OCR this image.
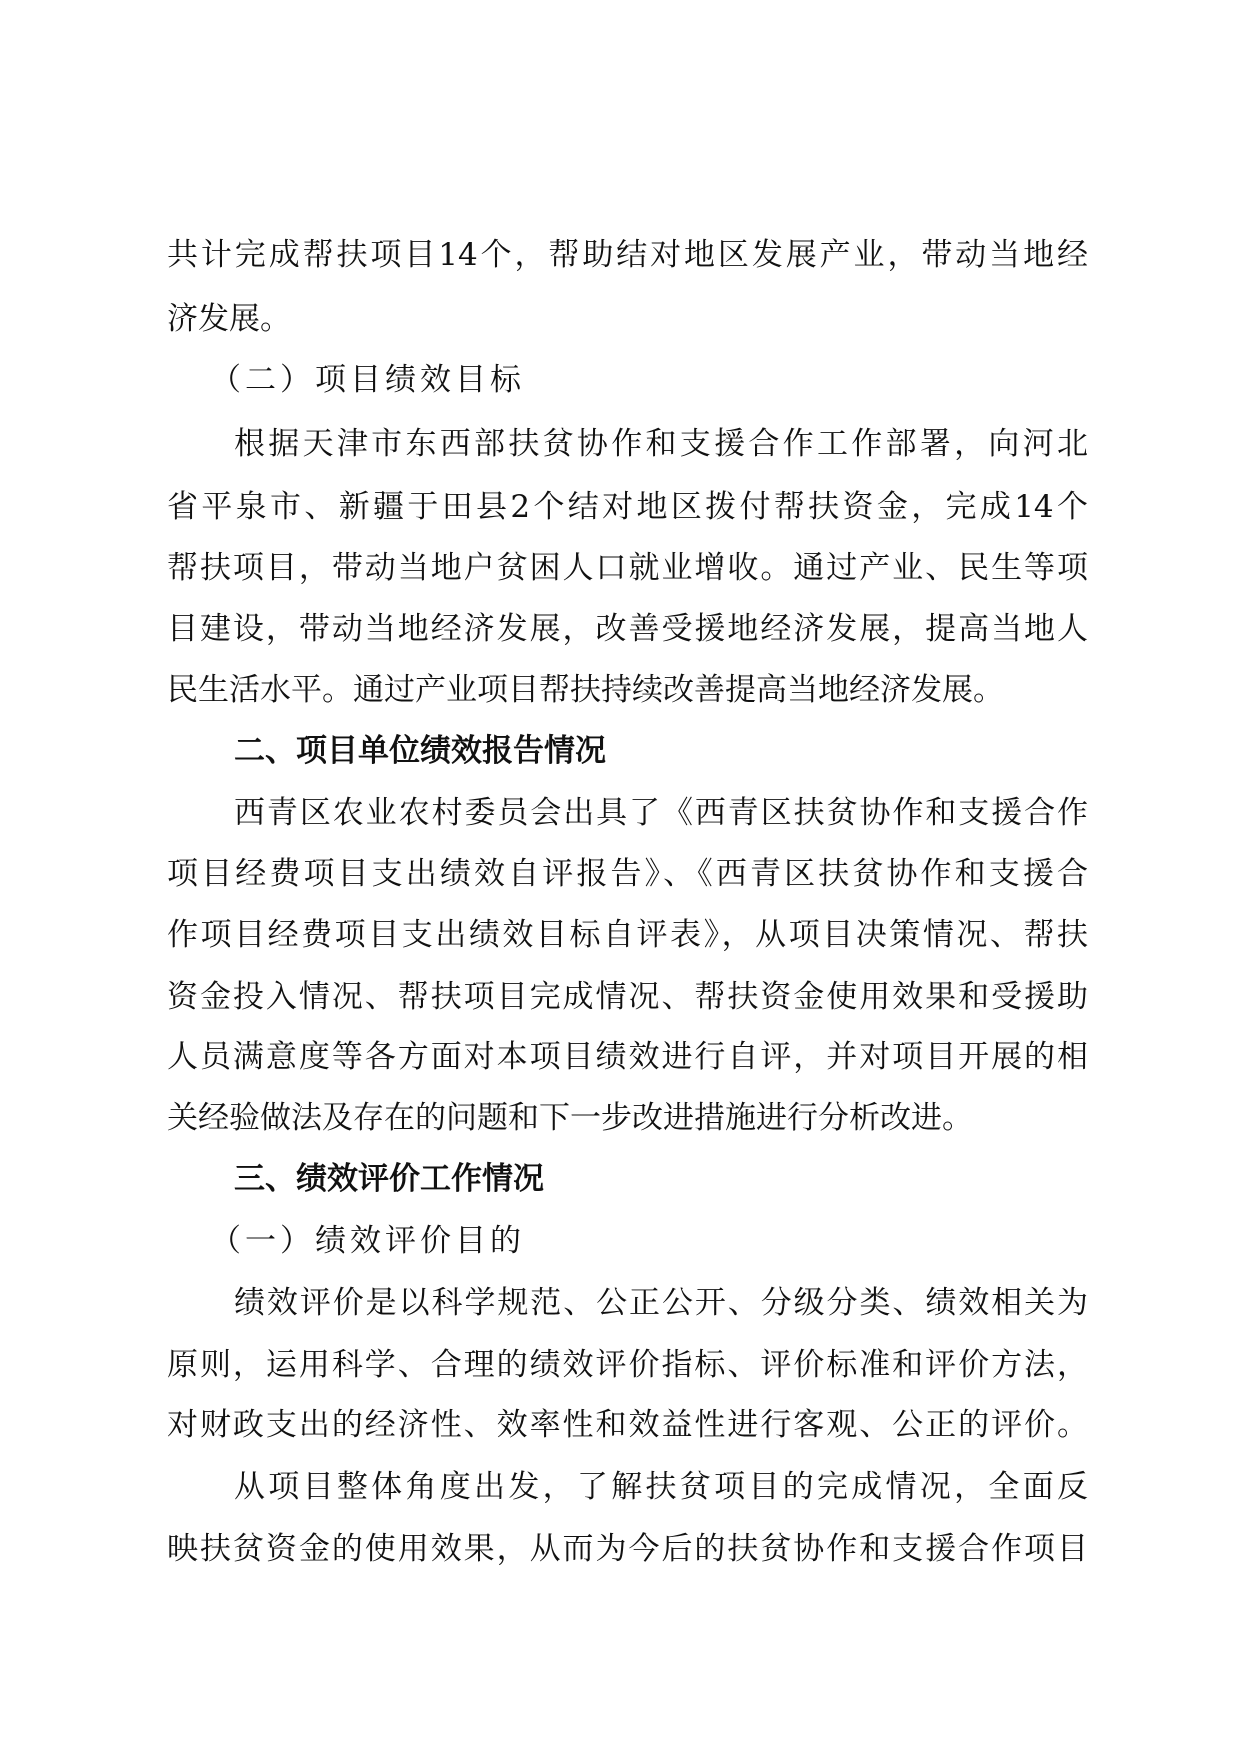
共计完成帮扶项目14个，帮助结对地区发展产业，带动当地经
济发展。
（二）项目绩效目标
根据天津市东西部扶贫协作和支援合作工作部署，向河北
省平泉市、新疆于田县2个结对地区拨付帮扶资金，完成14个
帮扶项目，带动当地户贫困人口就业增收。通过产业、民生等项
目建设，带动当地经济发展，改善受援地经济发展，提高当地人
民生活水平。通过产业项目帮扶持续改善提高当地经济发展。
二、项目单位绩效报告情况
西青区农业农村委员会出具了《西青区扶贫协作和支援合作
项目经费项目支出绩效自评报告》、《西青区扶贫协作和支援合
作项目经费项目支出绩效目标自评表》，从项目决策情况、帮扶
资金投入情况、帮扶项目完成情况、帮扶资金使用效果和受援助
人员满意度等各方面对本项目绩效进行自评，并对项目开展的相
关经验做法及存在的问题和下一步改进措施进行分析改进。
三、绩效评价工作情况
（一）绩效评价目的
绩效评价是以科学规范、公正公开、分级分类、绩效相关为
原则，运用科学、合理的绩效评价指标、评价标准和评价方法，
对财政支出的经济性、效率性和效益性进行客观、公正的评价。
从项目整体角度出发，了解扶贫项目的完成情况，全面反
映扶贫资金的使用效果，从而为今后的扶贫协作和支援合作项目
